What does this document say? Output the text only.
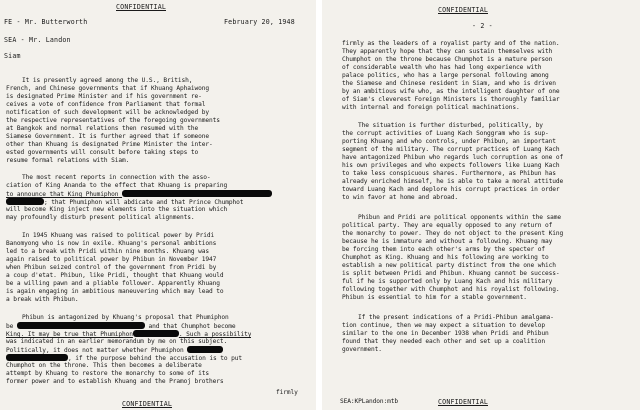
CONFIDENTIAL
FE - Mr. Butterworth	February 20, 1948
SEA - Mr. Landon
Siam
It is presently agreed among the U.S., British,
French, and Chinese governments that if Khuang Aphaiwong
is designated Prime Minister and if his government re-
ceives a vote of confidence from Parliament that formal
notification of such development will be acknowledged by
the respective representatives of the foregoing governments
at Bangkok and normal relations then resumed with the
Siamese Government. It is further agreed that if someone
other than Khuang is designated Prime Minister the inter-
ested governments will consult before taking steps to
resume formal relations with Siam.
The most recent reports in connection with the asso-
ciation of King Ananda to the effect that Khuang is preparing
to announce that King Phumiphon
; that Phumiphon will abdicate and that Prince Chumphot
will become King inject new elements into the situation which
may profoundly disturb present political alignments.
In 1945 Khuang was raised to political power by Pridi
Banomyong who is now in exile. Khuang's personal ambitions
led to a break with Pridi within nine months. Khuang was
again raised to political power by Phibun in November 1947
when Phibun seized control of the government from Pridi by
a coup d'etat. Phibun, like Pridi, thought that Khuang would
be a willing pawn and a pliable follower. Apparently Khuang
is again engaging in ambitious maneuvering which may lead to
a break with Phibun.
Phibun is antagonized by Khuang's proposal that Phumiphon
be	and that Chumphot become
King. It may be true that Phumiphon	. Such a possibility
was indicated in an earlier memorandum by me on this subject.
Politically, it does not matter whether Phumiphon
, if the purpose behind the accusation is to put
Chumphot on the throne. This then becomes a deliberate
attempt by Khuang to restore the monarchy to some of its
former power and to establish Khuang and the Pramoj brothers
firmly
CONFIDENTIAL
CONFIDENTIAL
- 2 -
firmly as the leaders of a royalist party and of the nation.
They apparently hope that they can sustain themselves with
Chumphot on the throne because Chumphot is a mature person
of considerable wealth who has had long experience with
palace politics, who has a large personal following among
the Siamese and Chinese resident in Siam, and who is driven
by an ambitious wife who, as the intelligent daughter of one
of Siam's cleverest Foreign Ministers is thoroughly familiar
with internal and foreign political machinations.
The situation is further disturbed, politically, by
the corrupt activities of Luang Kach Songgram who is sup-
porting Khuang and who controls, under Phibun, an important
segment of the military. The corrupt practices of Luang Kach
have antagonized Phibun who regards luch corruption as one of
his own privileges and who expects followers like Luang Kach
to take less conspicuous shares. Furthermore, as Phibun has
already enriched himself, he is able to take a moral attitude
toward Luang Kach and deplore his corrupt practices in order
to win favor at home and abroad.
Phibun and Pridi are political opponents within the same
political party. They are equally opposed to any return of
the monarchy to power. They do not object to the present King
because he is immature and without a following. Khuang may
be forcing them into each other's arms by the specter of
Chumphot as King. Khuang and his following are working to
establish a new political party distinct from the one which
is split between Pridi and Phibun. Khuang cannot be success-
ful if he is supported only by Luang Kach and his military
following together with Chumphot and his royalist following.
Phibun is essential to him for a stable government.
If the present indications of a Pridi-Phibun amalgama-
tion continue, then we may expect a situation to develop
similar to the one in December 1938 when Pridi and Phibun
found that they needed each other and set up a coalition
government.
SEA:KPLandon:mtb	CONFIDENTIAL
